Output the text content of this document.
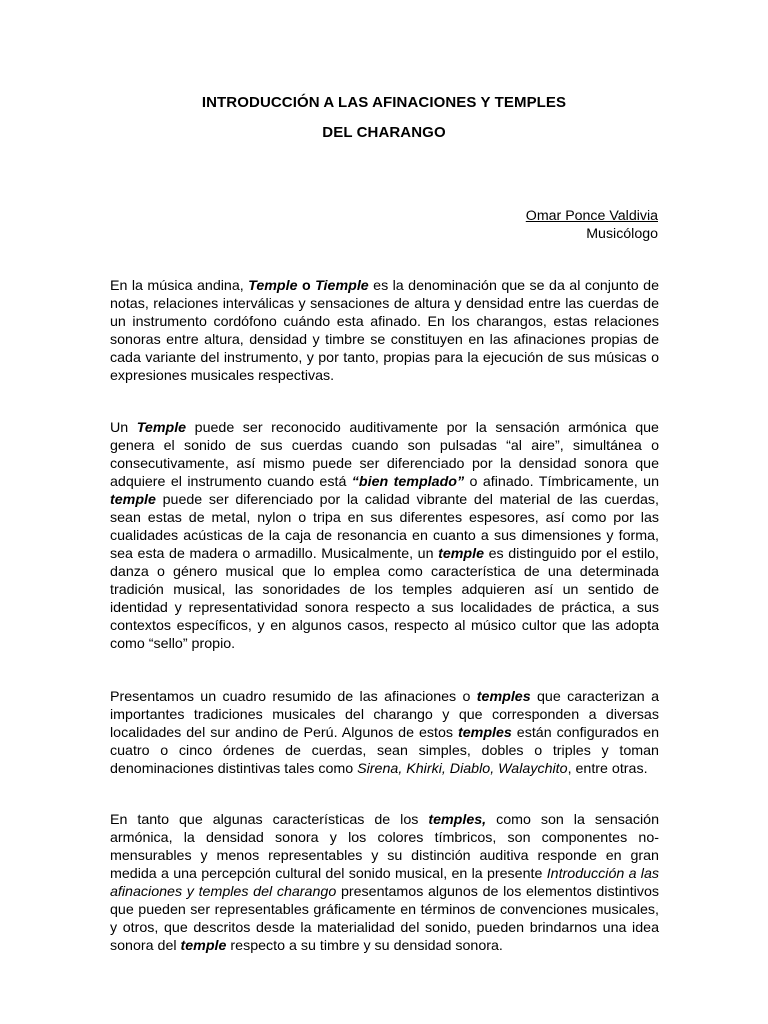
INTRODUCCIÓN A LAS AFINACIONES Y TEMPLES
DEL CHARANGO
Omar Ponce Valdivia
Musicólogo

En la música andina, Temple o Tiemple es la denominación que se da al conjunto de notas, relaciones interválicas y sensaciones de altura y densidad entre las cuerdas de un instrumento cordófono cuándo esta afinado. En los charangos, estas relaciones sonoras entre altura, densidad y timbre se constituyen en las afinaciones propias de cada variante del instrumento, y por tanto, propias para la ejecución de sus músicas o expresiones musicales respectivas.

Un Temple puede ser reconocido auditivamente por la sensación armónica que genera el sonido de sus cuerdas cuando son pulsadas “al aire”, simultánea o consecutivamente, así mismo puede ser diferenciado por la densidad sonora que adquiere el instrumento cuando está “bien templado” o afinado. Tímbricamente, un temple puede ser diferenciado por la calidad vibrante del material de las cuerdas, sean estas de metal, nylon o tripa en sus diferentes espesores, así como por las cualidades acústicas de la caja de resonancia en cuanto a sus dimensiones y forma, sea esta de madera o armadillo. Musicalmente, un temple es distinguido por el estilo, danza o género musical que lo emplea como característica de una determinada tradición musical, las sonoridades de los temples adquieren así un sentido de identidad y representatividad sonora respecto a sus localidades de práctica, a sus contextos específicos, y en algunos casos, respecto al músico cultor que las adopta como “sello” propio.

Presentamos un cuadro resumido de las afinaciones o temples que caracterizan a importantes tradiciones musicales del charango y que corresponden a diversas localidades del sur andino de Perú. Algunos de estos temples están configurados en cuatro o cinco órdenes de cuerdas, sean simples, dobles o triples y toman denominaciones distintivas tales como Sirena, Khirki, Diablo, Walaychito, entre otras.

En tanto que algunas características de los temples, como son la sensación armónica, la densidad sonora y los colores tímbricos, son componentes no-mensurables y menos representables y su distinción auditiva responde en gran medida a una percepción cultural del sonido musical, en la presente Introducción a las afinaciones y temples del charango presentamos algunos de los elementos distintivos que pueden ser representables gráficamente en términos de convenciones musicales, y otros, que descritos desde la materialidad del sonido, pueden brindarnos una idea sonora del temple respecto a su timbre y su densidad sonora.
